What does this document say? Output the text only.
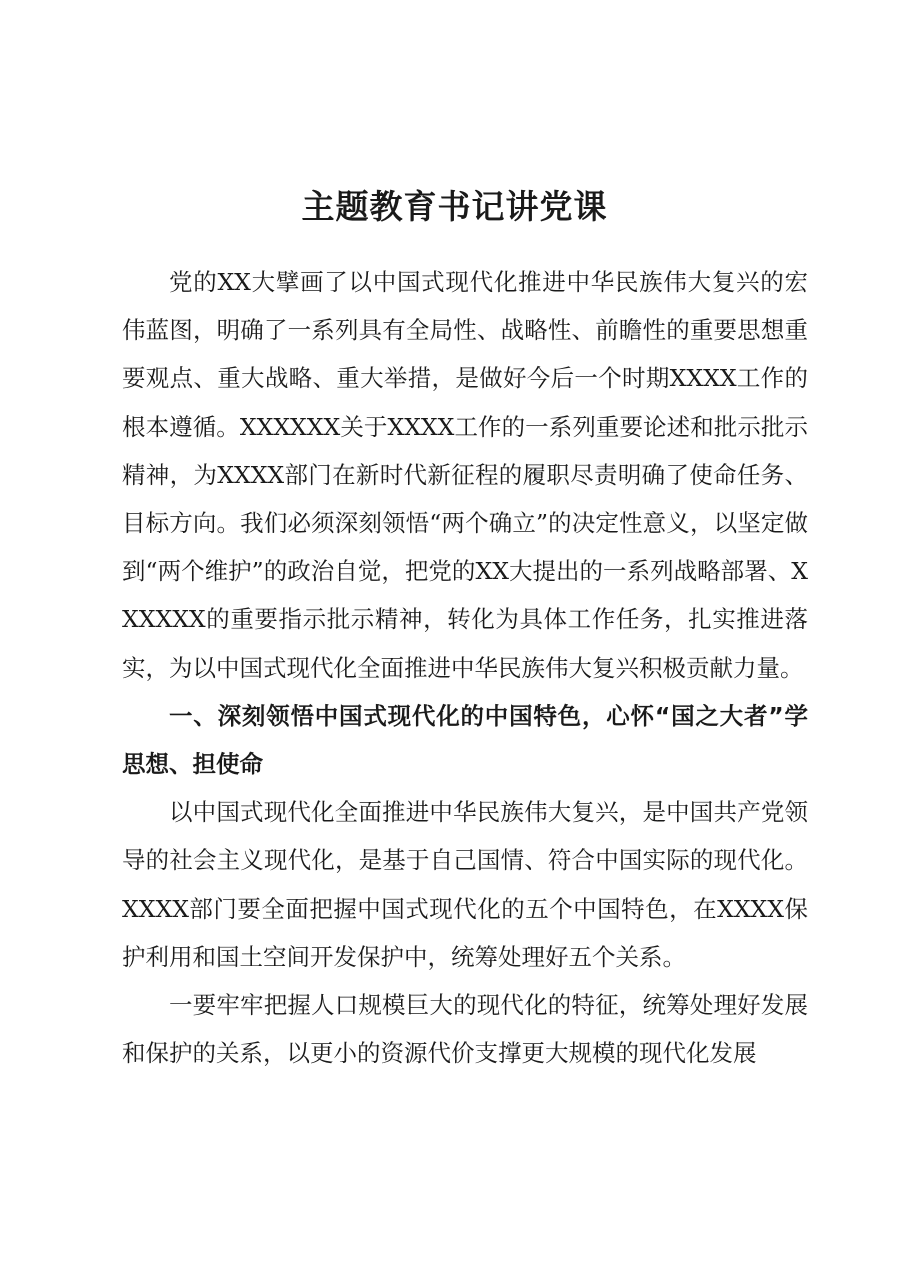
主题教育书记讲党课

党的XX大擘画了以中国式现代化推进中华民族伟大复兴的宏伟蓝图，明确了一系列具有全局性、战略性、前瞻性的重要思想重要观点、重大战略、重大举措，是做好今后一个时期XXXX工作的根本遵循。XXXXXX关于XXXX工作的一系列重要论述和批示批示精神，为XXXX部门在新时代新征程的履职尽责明确了使命任务、目标方向。我们必须深刻领悟“两个确立”的决定性意义，以坚定做到“两个维护”的政治自觉，把党的XX大提出的一系列战略部署、XXXXXX的重要指示批示精神，转化为具体工作任务，扎实推进落实，为以中国式现代化全面推进中华民族伟大复兴积极贡献力量。

一、深刻领悟中国式现代化的中国特色，心怀“国之大者”学思想、担使命

以中国式现代化全面推进中华民族伟大复兴，是中国共产党领导的社会主义现代化，是基于自己国情、符合中国实际的现代化。XXXX部门要全面把握中国式现代化的五个中国特色，在XXXX保护利用和国土空间开发保护中，统筹处理好五个关系。

一要牢牢把握人口规模巨大的现代化的特征，统筹处理好发展和保护的关系，以更小的资源代价支撑更大规模的现代化发展
